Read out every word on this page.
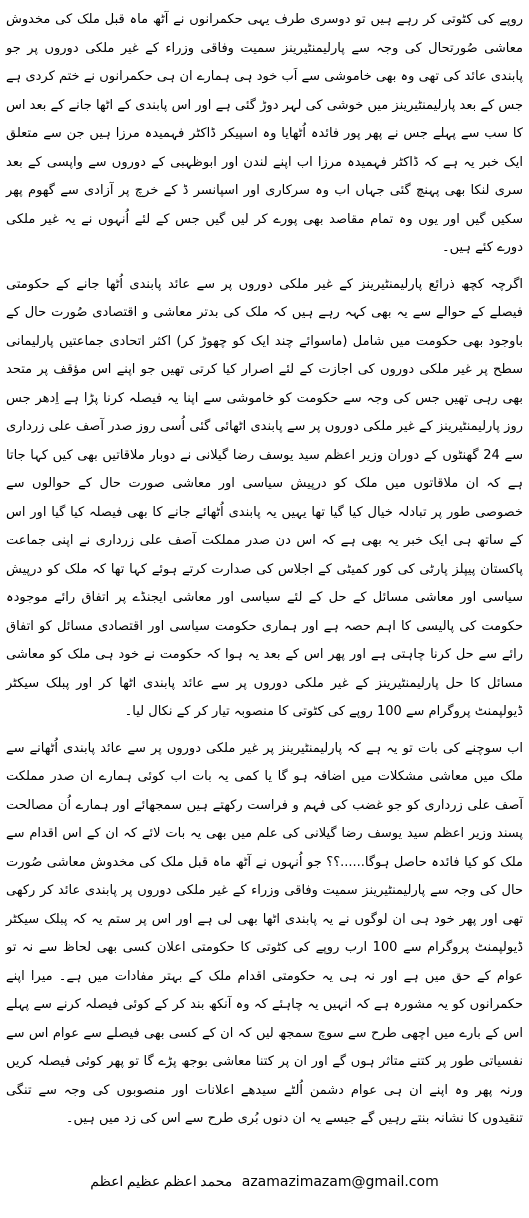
روپے کی کٹوتی کر رہے ہیں تو دوسری طرف یہی حکمرانوں نے آٹھ ماہ قبل ملک کی مخدوش معاشی صُورتحال کی وجہ سے پارلیمنٹیرینز سمیت وفاقی وزراء کے غیر ملکی دوروں پر جو پابندی عائد کی تھی وہ بھی خاموشی سے اَب خود ہی ہمارے ان ہی حکمرانوں نے ختم کردی ہے جس کے بعد پارلیمنٹیرینز میں خوشی کی لہر دوڑ گئی ہے اور اس پابندی کے اٹھا جانے کے بعد اس کا سب سے پہلے جس نے پھر پور فائدہ اُٹھایا وہ اسپیکر ڈاکٹر فہمیدہ مرزا ہیں جن سے متعلق ایک خبر یہ ہے کہ ڈاکٹر فہمیدہ مرزا اب اپنے لندن اور ابوظہبی کے دوروں سے واپسی کے بعد سری لنکا بھی پہنچ گئی جہاں اب وہ سرکاری اور اسپانسر ڈ کے خرچ پر آزادی سے گھوم پھر سکیں گیں اور یوں وہ تمام مقاصد بھی پورے کر لیں گیں جس کے لئے اُنہوں نے یہ غیر ملکی دورے کئے ہیں۔

اگرچہ کچھ ذرائع پارلیمنٹیرینز کے غیر ملکی دوروں پر سے عائد پابندی اُٹھا جانے کے حکومتی فیصلے کے حوالے سے یہ بھی کہہ رہے ہیں کہ ملک کی بدتر معاشی و اقتصادی صُورت حال کے باوجود بھی حکومت میں شامل (ماسوائے چند ایک کو چھوڑ کر) اکثر اتحادی جماعتیں پارلیمانی سطح پر غیر ملکی دوروں کی اجازت کے لئے اصرار کیا کرتی تھیں جو اپنے اس مؤقف پر متحد بھی رہی تھیں جس کی وجہ سے حکومت کو خاموشی سے اپنا یہ فیصلہ کرنا پڑا ہے اِدھر جس روز پارلیمنٹیرینز کے غیر ملکی دوروں پر سے پابندی اٹھائی گئی اُسی روز صدر آصف علی زرداری سے 24 گھنٹوں کے دوران وزیر اعظم سید یوسف رضا گیلانی نے دوبار ملاقاتیں بھی کیں کہا جاتا ہے کہ ان ملاقاتوں میں ملک کو درپیش سیاسی اور معاشی صورت حال کے حوالوں سے خصوصی طور پر تبادلہ خیال کیا گیا تھا یہیں یہ پابندی اُٹھائے جانے کا بھی فیصلہ کیا گیا اور اس کے ساتھ ہی ایک خبر یہ بھی ہے کہ اس دن صدر مملکت آصف علی زرداری نے اپنی جماعت پاکستان پیپلز پارٹی کی کور کمیٹی کے اجلاس کی صدارت کرتے ہوئے کہا تھا کہ ملک کو درپیش سیاسی اور معاشی مسائل کے حل کے لئے سیاسی اور معاشی ایجنڈے پر اتفاق رائے موجودہ حکومت کی پالیسی کا اہم حصہ ہے اور ہماری حکومت سیاسی اور اقتصادی مسائل کو اتفاق رائے سے حل کرنا چاہتی ہے اور پھر اس کے بعد یہ ہوا کہ حکومت نے خود ہی ملک کو معاشی مسائل کا حل پارلیمنٹیرینز کے غیر ملکی دوروں پر سے عائد پابندی اٹھا کر اور پبلک سیکٹر ڈیولپمنٹ پروگرام سے 100 روپے کی کٹوتی کا منصوبہ تیار کر کے نکال لیا۔

اب سوچنے کی بات تو یہ ہے کہ پارلیمنٹیرینز پر غیر ملکی دوروں پر سے عائد پابندی اُٹھانے سے ملک میں معاشی مشکلات میں اضافہ ہو گا یا کمی یہ بات اب کوئی ہمارے ان صدر مملکت آصف علی زرداری کو جو غضب کی فہم و فراست رکھتے ہیں سمجھائے اور ہمارے اُن مصالحت پسند وزیر اعظم سید یوسف رضا گیلانی کی علم میں بھی یہ بات لائے کہ ان کے اس اقدام سے ملک کو کیا فائدہ حاصل ہوگا......؟؟ جو اُنہوں نے آٹھ ماہ قبل ملک کی مخدوش معاشی صُورت حال کی وجہ سے پارلیمنٹیرینز سمیت وفاقی وزراء کے غیر ملکی دوروں پر پابندی عائد کر رکھی تھی اور پھر خود ہی ان لوگوں نے یہ پابندی اٹھا بھی لی ہے اور اس پر ستم یہ کہ پبلک سیکٹر ڈیولپمنٹ پروگرام سے 100 ارب روپے کی کٹوتی کا حکومتی اعلان کسی بھی لحاظ سے نہ تو عوام کے حق میں ہے اور نہ ہی یہ حکومتی اقدام ملک کے بہتر مفادات میں ہے۔ میرا اپنے حکمرانوں کو یہ مشورہ ہے کہ انہیں یہ چاہئے کہ وہ آنکھ بند کر کے کوئی فیصلہ کرنے سے پہلے اس کے بارے میں اچھی طرح سے سوچ سمجھ لیں کہ ان کے کسی بھی فیصلے سے عوام اس سے نفسیاتی طور پر کتنے متاثر ہوں گے اور ان پر کتنا معاشی بوجھ پڑے گا تو پھر کوئی فیصلہ کریں ورنہ پھر وہ اپنے ان ہی عوام دشمن اُلٹے سیدھے اعلانات اور منصوبوں کی وجہ سے تنگی تنقیدوں کا نشانہ بنتے رہیں گے جیسے یہ ان دنوں بُری طرح سے اس کی زد میں ہیں۔

محمد اعظم عظیم اعظم azamazimazam@gmail.com
